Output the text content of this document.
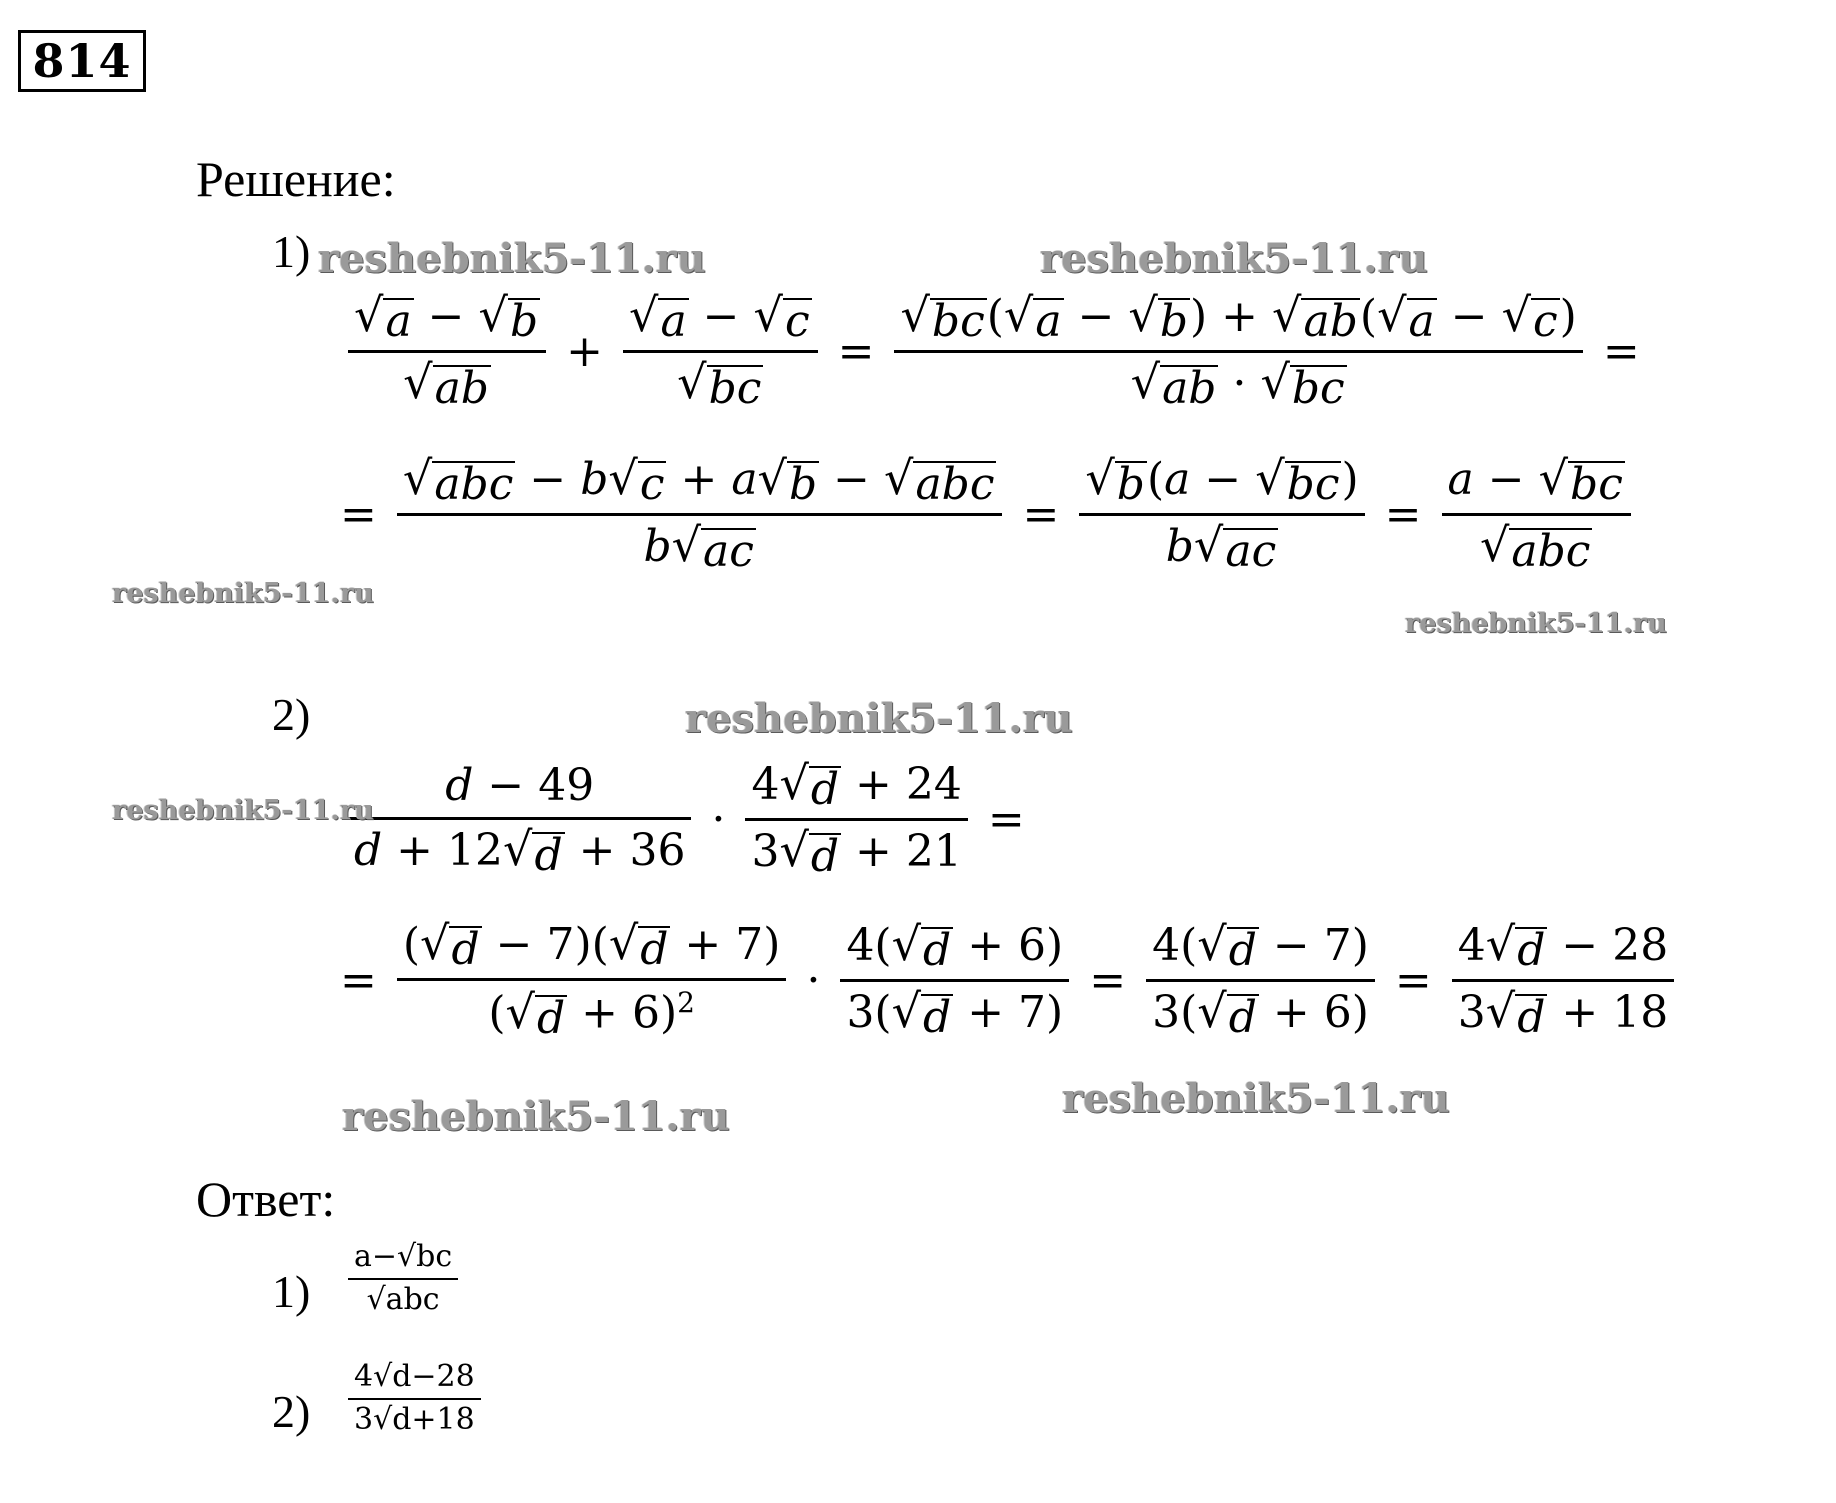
814
Решение:
1)
$\frac{√ a - √ b}{√ ab} + \frac{√ a - √ c}{√ bc} = \frac{√ bc ( √ a - √ b ) + √ ab ( √ a - √ c )}{√ ab \cdot √ bc}$ =
= $\frac{\text{√ abc − b √ c + a √ b − √ abc}}{b √ ac} = \frac{√ b (a - √ bc )}{b √ ac} = \frac{a - √ bc}{\text{√ abc}}$
2)
$\frac{d - 49}{d + 12 √ d + 36} \cdot \frac{4 √ d + 24}{3 √ d + 21}$ =
= $\frac{( √ d - 7)( √ d + 7)}{( √ d + 6)^2} \cdot \frac{4( √ d + 6)}{3( √ d + 7)} = \frac{4( √ d - 7)}{3( √ d + 6)} = \frac{4 √ d - 28}{3 √ d + 18}$
Ответ:
$1) \frac{a-√bc}{\text{√abc}}$
$2) \frac{4√d-28}{3√d+18}$
reshebnik5-11.ru	reshebnik5-11.ru
reshebnik5-11.ru
reshebnik5-11.ru
reshebnik5-11.ru
reshebnik5-11.ru
reshebnik5-11.ru
reshebnik5-11.ru
